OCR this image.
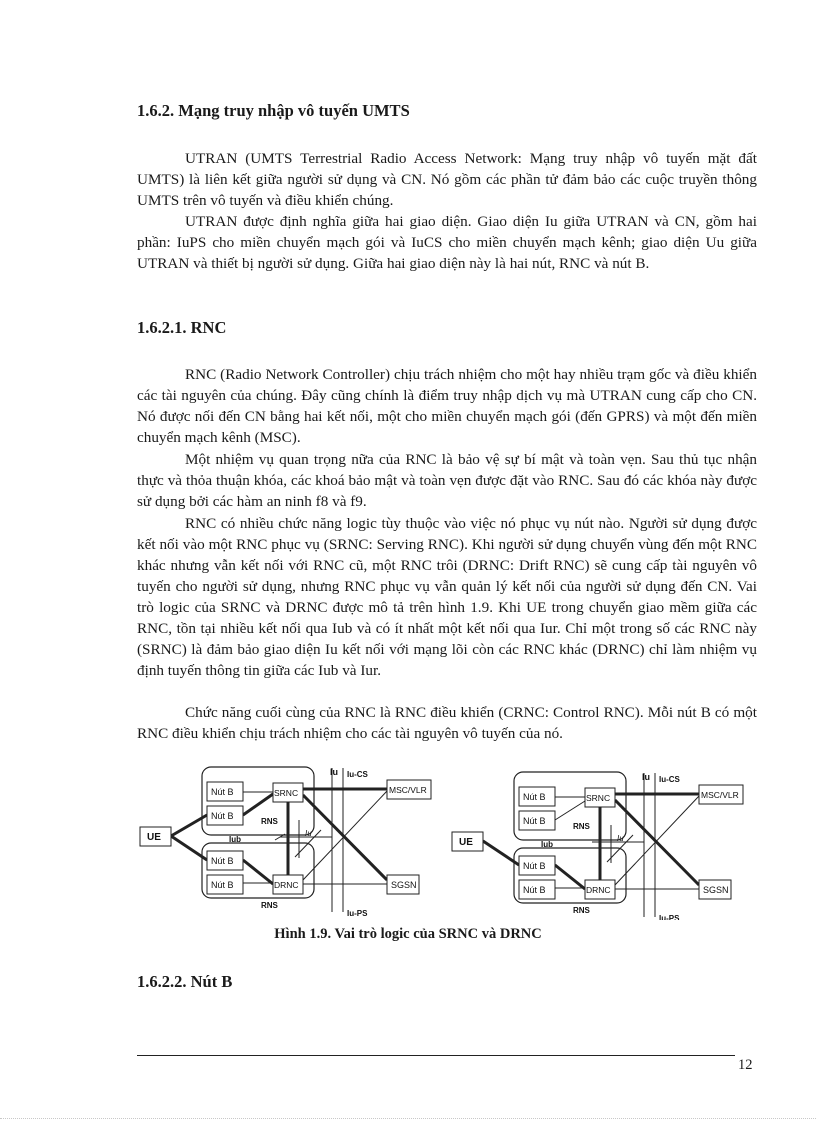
1.6.2. Mạng truy nhập vô tuyến UMTS

UTRAN (UMTS Terrestrial Radio Access Network: Mạng truy nhập vô tuyến mặt đất UMTS) là liên kết giữa người sử dụng và CN. Nó gồm các phần tử đảm bảo các cuộc truyền thông UMTS trên vô tuyến và điều khiển chúng.

UTRAN được định nghĩa giữa hai giao diện. Giao diện Iu giữa UTRAN và CN, gồm hai phần: IuPS cho miền chuyển mạch gói và IuCS cho miền chuyển mạch kênh; giao diện Uu giữa UTRAN và thiết bị người sử dụng. Giữa hai giao diện này là hai nút, RNC và nút B.

1.6.2.1. RNC

RNC (Radio Network Controller) chịu trách nhiệm cho một hay nhiều trạm gốc và điều khiển các tài nguyên của chúng. Đây cũng chính là điểm truy nhập dịch vụ mà UTRAN cung cấp cho CN. Nó được nối đến CN bằng hai kết nối, một cho miền chuyển mạch gói (đến GPRS) và một đến miền chuyển mạch kênh (MSC).

Một nhiệm vụ quan trọng nữa của RNC là bảo vệ sự bí mật và toàn vẹn. Sau thủ tục nhận thực và thỏa thuận khóa, các khoá bảo mật và toàn vẹn được đặt vào RNC. Sau đó các khóa này được sử dụng bởi các hàm an ninh f8 và f9.

RNC có nhiều chức năng logic tùy thuộc vào việc nó phục vụ nút nào. Người sử dụng được kết nối vào một RNC phục vụ (SRNC: Serving RNC). Khi người sử dụng chuyển vùng đến một RNC khác nhưng vẫn kết nối với RNC cũ, một RNC trôi (DRNC: Drift RNC) sẽ cung cấp tài nguyên vô tuyến cho người sử dụng, nhưng RNC phục vụ vẫn quản lý kết nối của người sử dụng đến CN. Vai trò logic của SRNC và DRNC được mô tả trên hình 1.9. Khi UE trong chuyển giao mềm giữa các RNC, tồn tại nhiều kết nối qua Iub và có ít nhất một kết nối qua Iur. Chỉ một trong số các RNC này (SRNC) là đảm bảo giao diện Iu kết nối với mạng lõi còn các RNC khác (DRNC) chỉ làm nhiệm vụ định tuyến thông tin giữa các Iub và Iur.

Chức năng cuối cùng của RNC là RNC điều khiển (CRNC: Control RNC). Mỗi nút B có một RNC điều khiển chịu trách nhiệm cho các tài nguyên vô tuyến của nó.

Nút B
Nút B
Nút B
Nút B
SRNC
DRNC
MSC/VLR
SGSN
UE
RNS
RNS
Iu Iu-CS
Iu-PS
Iub
Iu
Nút B
Nút B
Nút B
Nút B
SRNC
DRNC
MSC/VLR
SGSN
UE
RNS
RNS
Iu Iu-CS
Iu-PS
Iub
Iu

Hình 1.9. Vai trò logic của SRNC và DRNC

1.6.2.2. Nút B
12
